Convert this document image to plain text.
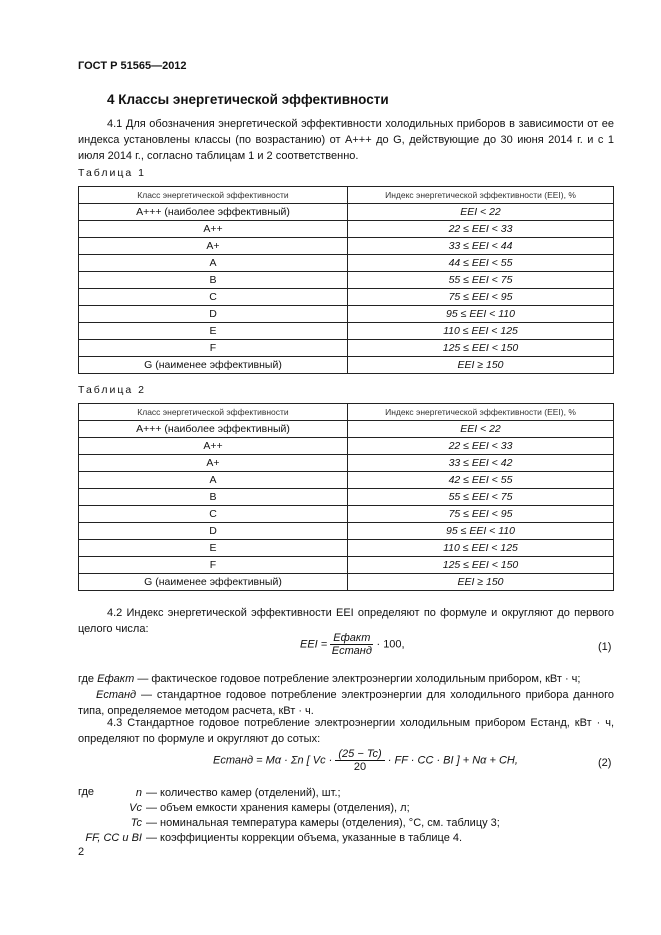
ГОСТ Р 51565—2012
4 Классы энергетической эффективности
4.1 Для обозначения энергетической эффективности холодильных приборов в зависимости от ее индекса установлены классы (по возрастанию) от А+++ до G, действующие до 30 июня 2014 г. и с 1 июля 2014 г., согласно таблицам 1 и 2 соответственно.
Таблица 1
Класс энергетической эффективности	Индекс энергетической эффективности (EEI), %
А+++ (наиболее эффективный)	EEI < 22
А++	22 ≤ EEI < 33
А+	33 ≤ EEI < 44
А	44 ≤ EEI < 55
В	55 ≤ EEI < 75
С	75 ≤ EEI < 95
D	95 ≤ EEI < 110
Е	110 ≤ EEI < 125
F	125 ≤ EEI < 150
G (наименее эффективный)	EEI ≥ 150
Таблица 2
Класс энергетической эффективности	Индекс энергетической эффективности (EEI), %
А+++ (наиболее эффективный)	EEI < 22
А++	22 ≤ EEI < 33
А+	33 ≤ EEI < 42
А	42 ≤ EEI < 55
В	55 ≤ EEI < 75
С	75 ≤ EEI < 95
D	95 ≤ EEI < 110
Е	110 ≤ EEI < 125
F	125 ≤ EEI < 150
G (наименее эффективный)	EEI ≥ 150
4.2 Индекс энергетической эффективности EEI определяют по формуле и округляют до первого целого числа:
EEI = $\frac{\text{Eфакт}}{\text{Eстанд}} \cdot 100$,	(1)
где Eфакт — фактическое годовое потребление электроэнергии холодильным прибором, кВт · ч;
Eстанд — стандартное годовое потребление электроэнергии для холодильного прибора данного типа, определяемое методом расчета, кВт · ч.
4.3 Стандартное годовое потребление электроэнергии холодильным прибором Eстанд, кВт · ч, определяют по формуле и округляют до сотых:
Eстанд = Mα · Σn [ $Vc \cdot \frac{(25 - Tc)}{20}$ · FF · CC · BI ] + Nα + CH,	(2)
где	n — количество камер (отделений), шт.;
Vc — объем емкости хранения камеры (отделения), л;
Tc — номинальная температура камеры (отделения), °С, см. таблицу 3;
FF, CC и BI — коэффициенты коррекции объема, указанные в таблице 4.
2
